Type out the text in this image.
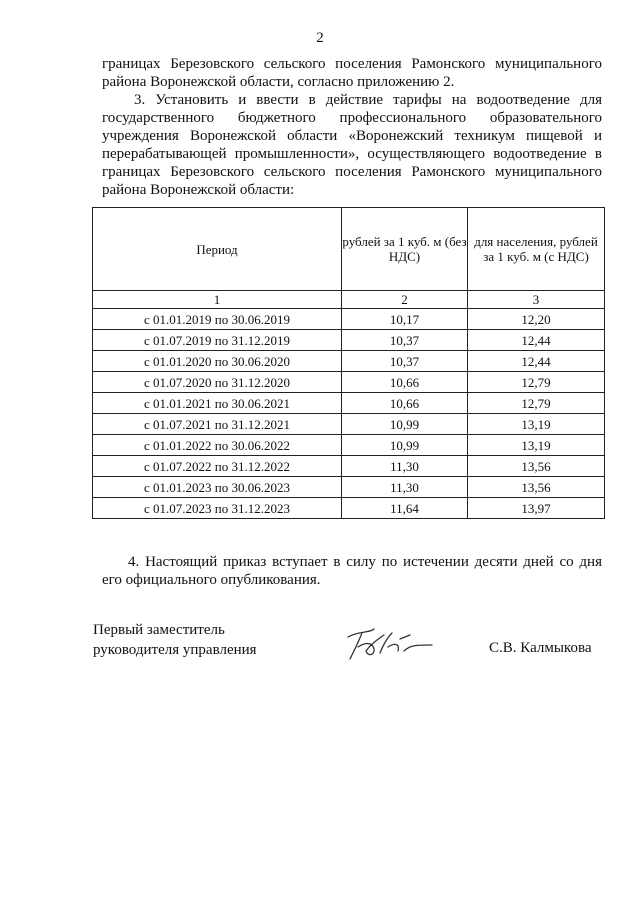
2
границах Березовского сельского поселения Рамонского муниципального района Воронежской области, согласно приложению 2.
3. Установить и ввести в действие тарифы на водоотведение для государственного бюджетного профессионального образовательного учреждения Воронежской области «Воронежский техникум пищевой и перерабатывающей промышленности», осуществляющего водоотведение в границах Березовского сельского поселения Рамонского муниципального района Воронежской области:
Период	рублей за 1 куб. м (без НДС)	для населения, рублей за 1 куб. м (с НДС)
1	2	3
с 01.01.2019 по 30.06.2019	10,17	12,20
с 01.07.2019 по 31.12.2019	10,37	12,44
с 01.01.2020 по 30.06.2020	10,37	12,44
с 01.07.2020 по 31.12.2020	10,66	12,79
с 01.01.2021 по 30.06.2021	10,66	12,79
с 01.07.2021 по 31.12.2021	10,99	13,19
с 01.01.2022 по 30.06.2022	10,99	13,19
с 01.07.2022 по 31.12.2022	11,30	13,56
с 01.01.2023 по 30.06.2023	11,30	13,56
с 01.07.2023 по 31.12.2023	11,64	13,97
4. Настоящий приказ вступает в силу по истечении десяти дней со дня его официального опубликования.
Первый заместитель
руководителя управления	С.В. Калмыкова
